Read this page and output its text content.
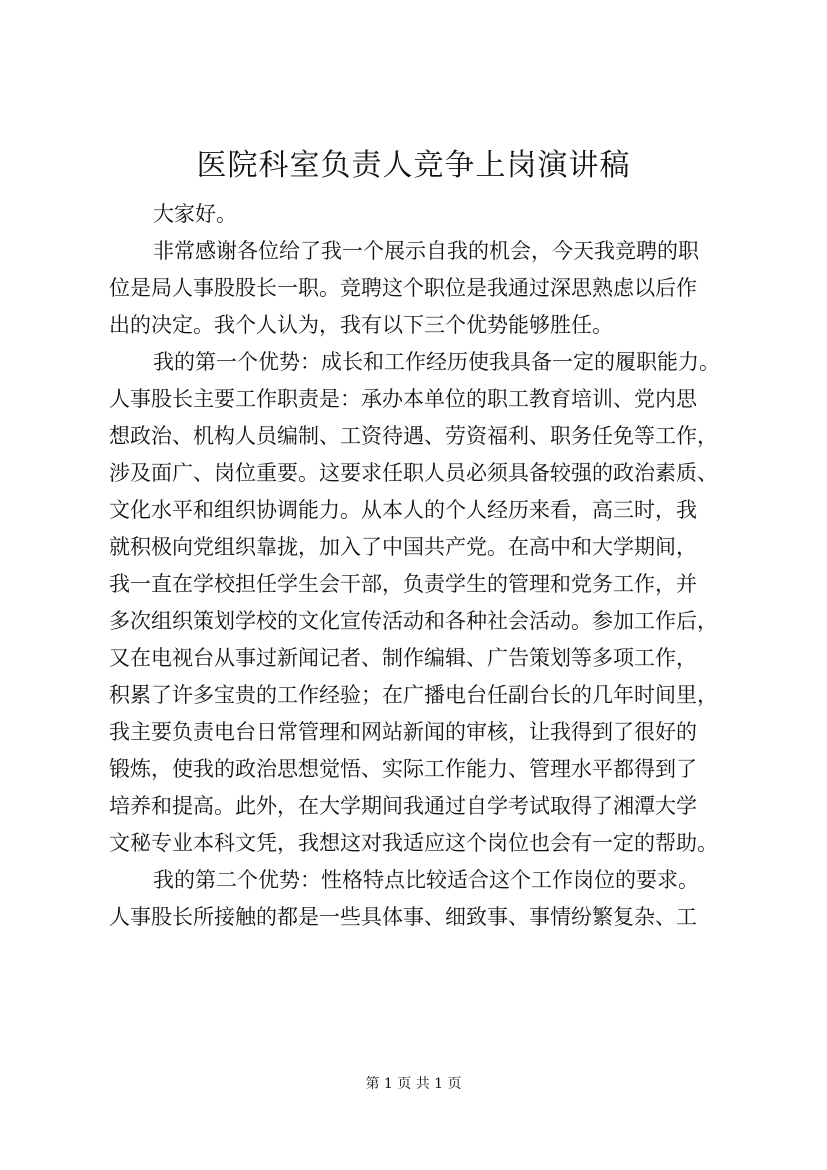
医院科室负责人竞争上岗演讲稿

大家好。

非常感谢各位给了我一个展示自我的机会，今天我竞聘的职
位是局人事股股长一职。竞聘这个职位是我通过深思熟虑以后作
出的决定。我个人认为，我有以下三个优势能够胜任。

我的第一个优势：成长和工作经历使我具备一定的履职能力。
人事股长主要工作职责是：承办本单位的职工教育培训、党内思
想政治、机构人员编制、工资待遇、劳资福利、职务任免等工作，
涉及面广、岗位重要。这要求任职人员必须具备较强的政治素质、
文化水平和组织协调能力。从本人的个人经历来看，高三时，我
就积极向党组织靠拢，加入了中国共产党。在高中和大学期间，
我一直在学校担任学生会干部，负责学生的管理和党务工作，并
多次组织策划学校的文化宣传活动和各种社会活动。参加工作后，
又在电视台从事过新闻记者、制作编辑、广告策划等多项工作，
积累了许多宝贵的工作经验；在广播电台任副台长的几年时间里，
我主要负责电台日常管理和网站新闻的审核，让我得到了很好的
锻炼，使我的政治思想觉悟、实际工作能力、管理水平都得到了
培养和提高。此外，在大学期间我通过自学考试取得了湘潭大学
文秘专业本科文凭，我想这对我适应这个岗位也会有一定的帮助。

我的第二个优势：性格特点比较适合这个工作岗位的要求。
人事股长所接触的都是一些具体事、细致事、事情纷繁复杂、工

第 1 页 共 1 页
